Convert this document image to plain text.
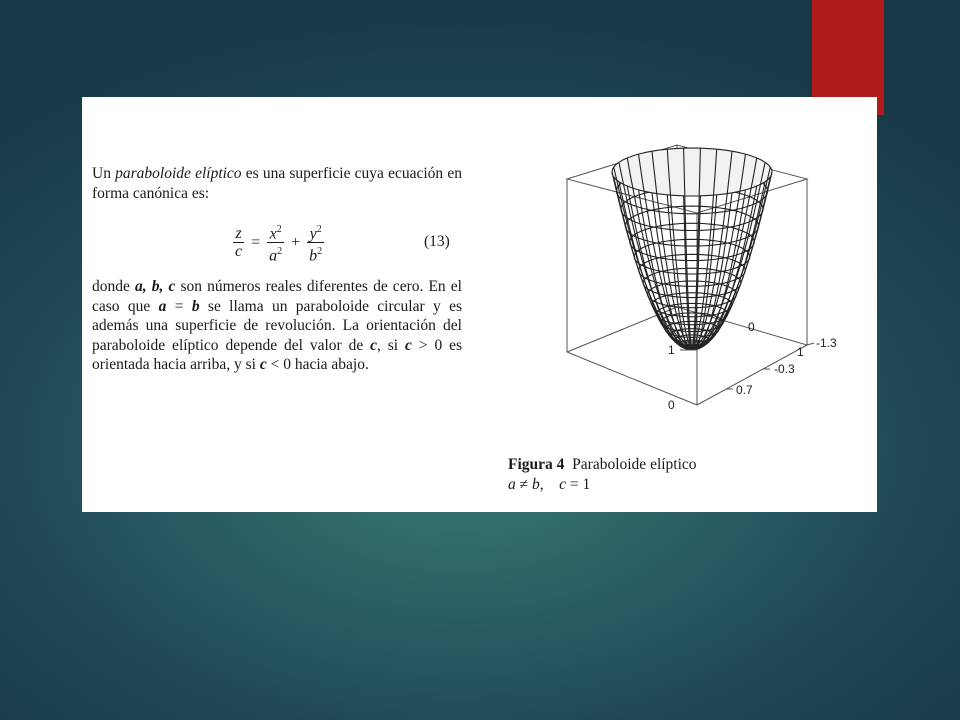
Un paraboloide elíptico es una superficie cuya ecuación en forma canónica es:

$\frac{z}{c} = \frac{x^2}{a^2} + \frac{y^2}{b^2}$	(13)

donde a, b, c son números reales diferentes de cero. En el caso que a = b se llama un paraboloide circular y es además una superficie de revolución. La orientación del paraboloide elíptico depende del valor de c, si c > 0 es orientada hacia arriba, y si c < 0 hacia abajo.

1
0
-1.3
-0.3
0.7
0
1
Figura 4 Paraboloide elíptico
a ≠ b, c = 1
